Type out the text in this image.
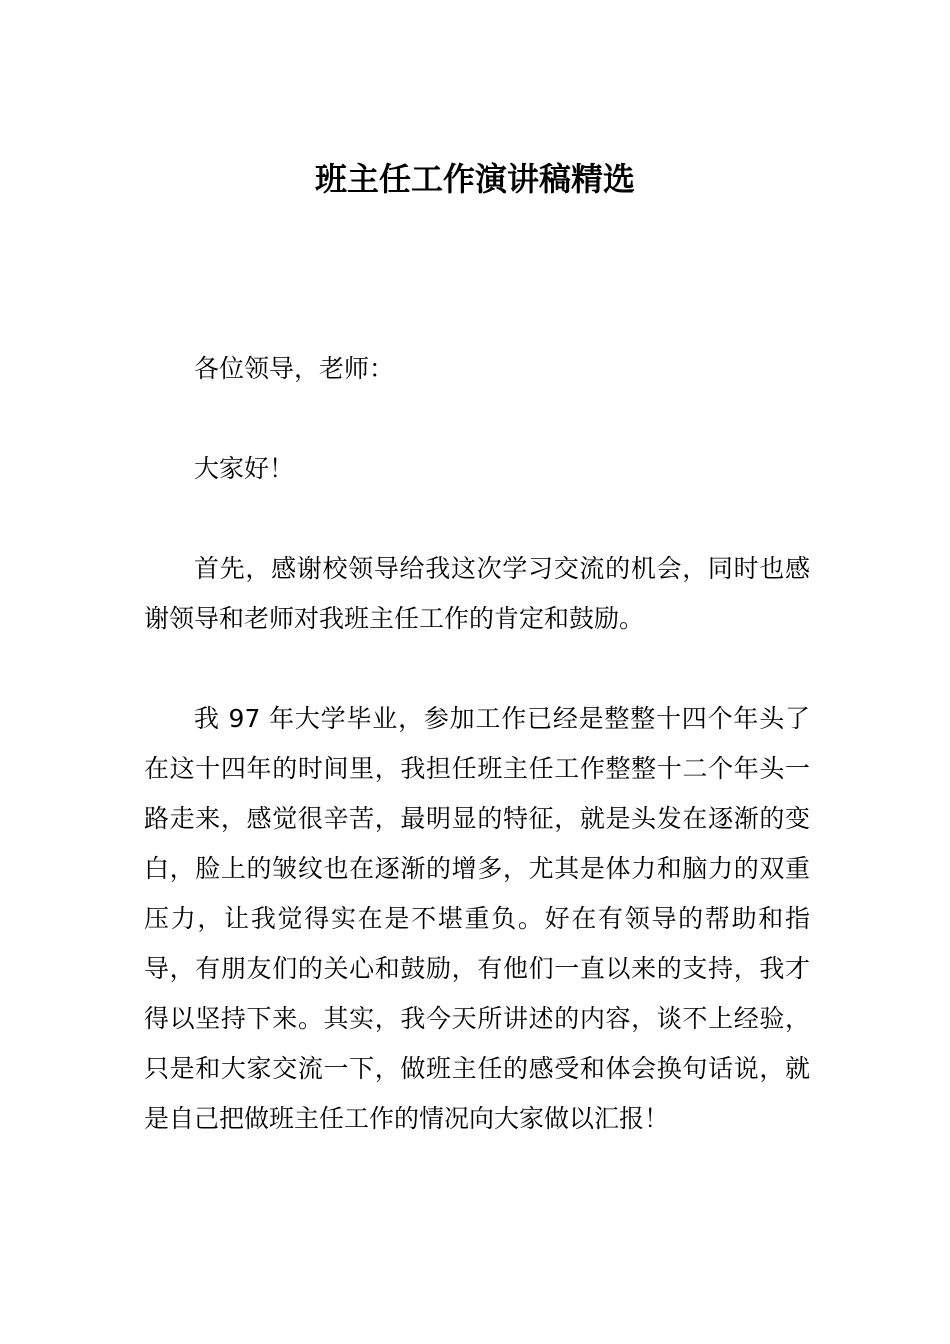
班主任工作演讲稿精选

各位领导，老师：

大家好！

首先，感谢校领导给我这次学习交流的机会，同时也感谢领导和老师对我班主任工作的肯定和鼓励。

我 97 年大学毕业，参加工作已经是整整十四个年头了在这十四年的时间里，我担任班主任工作整整十二个年头一路走来，感觉很辛苦，最明显的特征，就是头发在逐渐的变白，脸上的皱纹也在逐渐的增多，尤其是体力和脑力的双重压力，让我觉得实在是不堪重负。好在有领导的帮助和指导，有朋友们的关心和鼓励，有他们一直以来的支持，我才得以坚持下来。其实，我今天所讲述的内容，谈不上经验，只是和大家交流一下，做班主任的感受和体会换句话说，就是自己把做班主任工作的情况向大家做以汇报！
